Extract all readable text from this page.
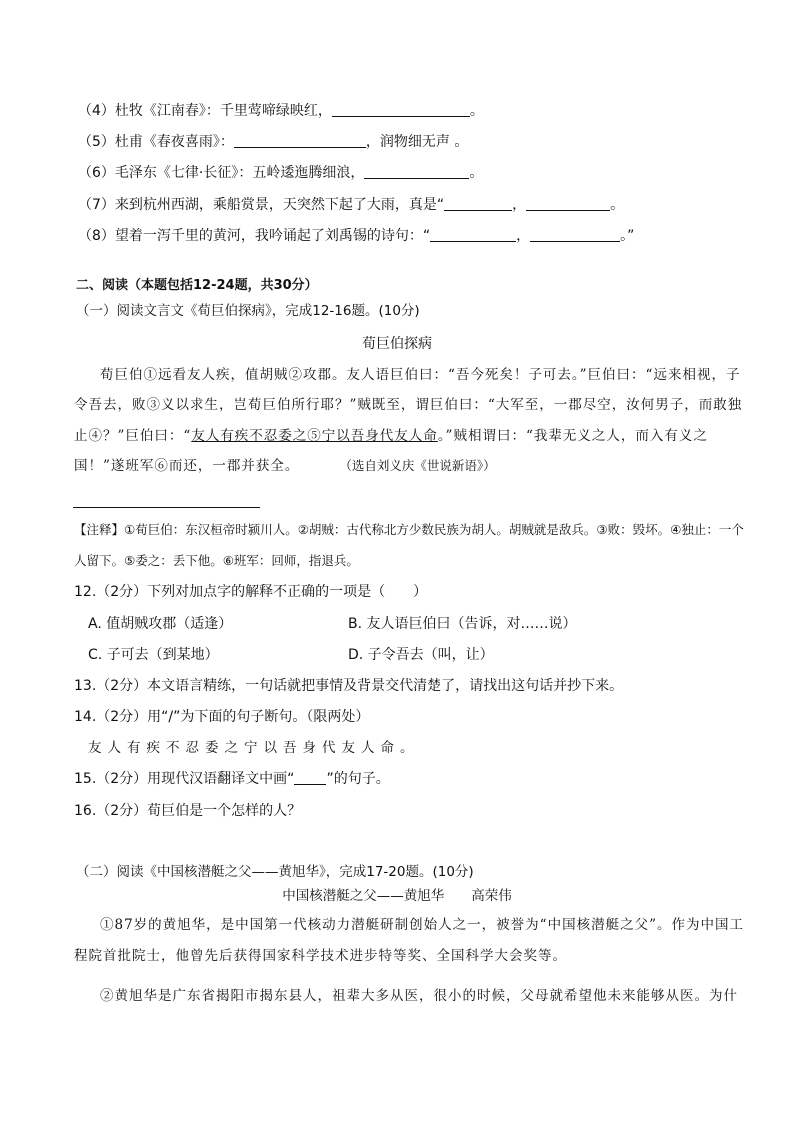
（4）杜牧《江南春》：千里莺啼绿映红，	。
（5）杜甫《春夜喜雨》：	，润物细无声 。
（6）毛泽东《七律·长征》：五岭逶迤腾细浪，	。
（7）来到杭州西湖，乘船赏景，天突然下起了大雨，真是“	，	。
（8）望着一泻千里的黄河，我吟诵起了刘禹锡的诗句：“	，	。”
二、阅读（本题包括12-24题，共30分）
（一）阅读文言文《荀巨伯探病》，完成12-16题。(10分)
荀巨伯探病
荀巨伯①远看友人疾，值胡贼②攻郡。友人语巨伯曰：“吾今死矣！子可去。”巨伯曰：“远来相视，子
令吾去，败③义以求生，岂荀巨伯所行耶？”贼既至，谓巨伯曰：“大军至，一郡尽空，汝何男子，而敢独
止④？”巨伯曰：“友人有疾不忍委之⑤宁以吾身代友人命。”贼相谓曰：“我辈无义之人，而入有义之
国！”遂班军⑥而还，一郡并获全。	（选自刘义庆《世说新语》）
【注释】①荀巨伯：东汉桓帝时颍川人。②胡贼：古代称北方少数民族为胡人。胡贼就是敌兵。③败：毁坏。④独止：一个
人留下。⑤委之：丢下他。⑥班军：回师，指退兵。
12.（2分）下列对加点字的解释不正确的一项是（　　）
A. 值胡贼攻郡（适逢）	B. 友人语巨伯曰（告诉，对……说）
C. 子可去（到某地）	D. 子令吾去（叫，让）
13.（2分）本文语言精练，一句话就把事情及背景交代清楚了，请找出这句话并抄下来。
14.（2分）用“/”为下面的句子断句。（限两处）
友人有疾不忍委之宁以吾身代友人命。
15.（2分）用现代汉语翻译文中画“ ”的句子。
16.（2分）荀巨伯是一个怎样的人？
（二）阅读《中国核潜艇之父——黄旭华》，完成17-20题。(10分)
中国核潜艇之父——黄旭华　　高荣伟
①87岁的黄旭华，是中国第一代核动力潜艇研制创始人之一，被誉为“中国核潜艇之父”。作为中国工
程院首批院士，他曾先后获得国家科学技术进步特等奖、全国科学大会奖等。
②黄旭华是广东省揭阳市揭东县人，祖辈大多从医，很小的时候，父母就希望他未来能够从医。为什
